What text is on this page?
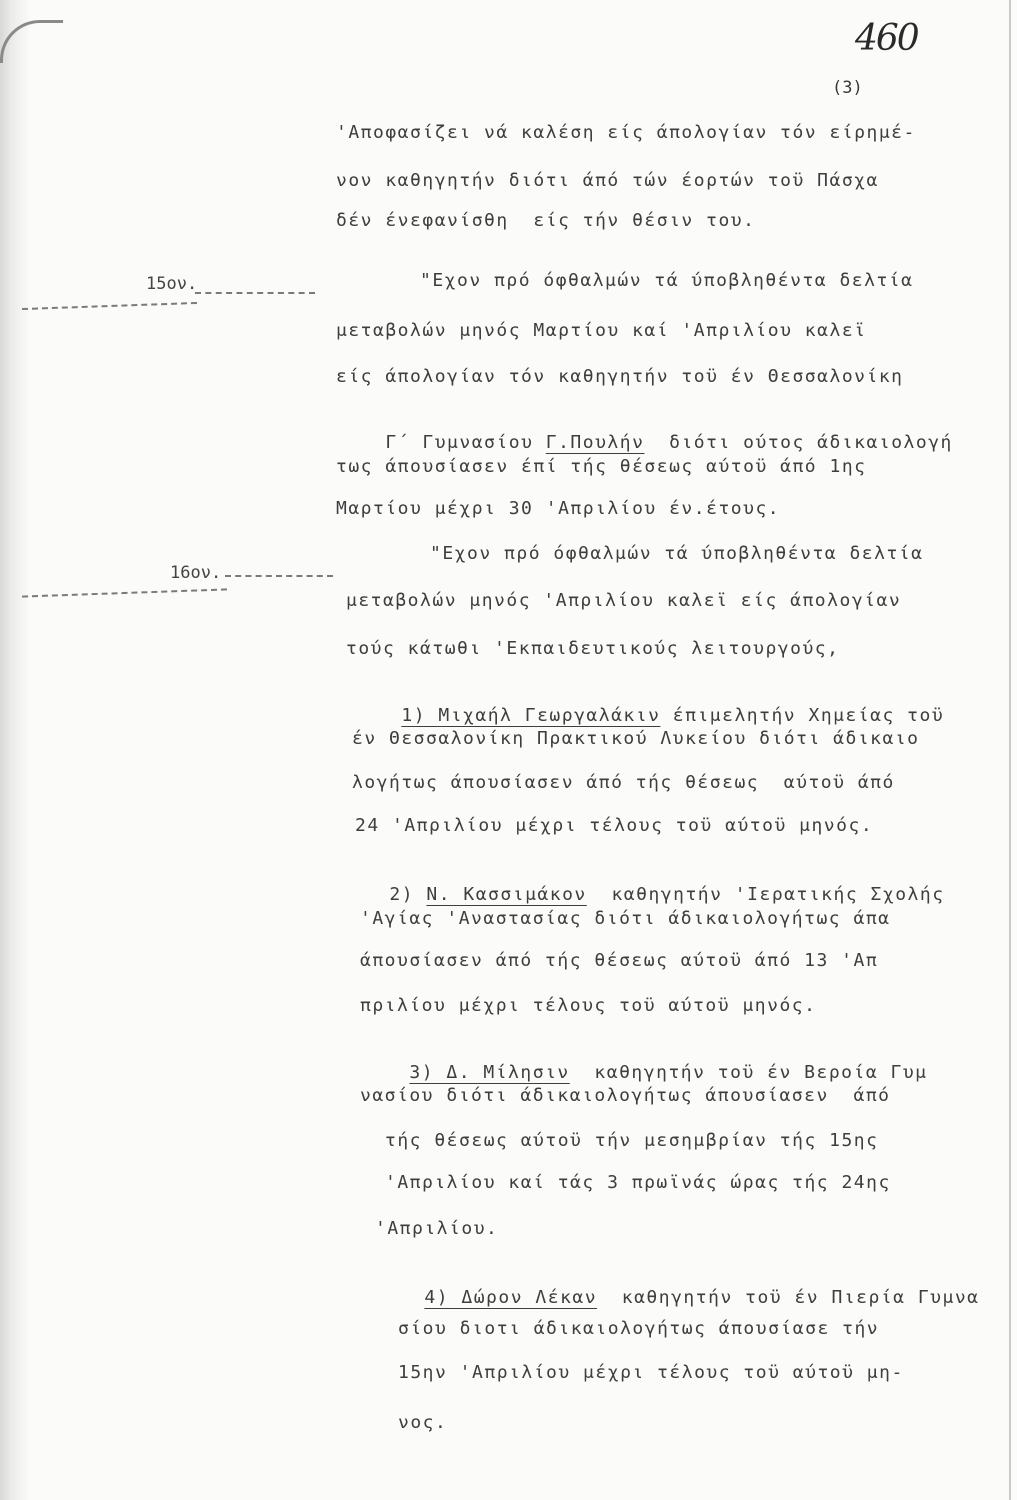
460
(3)
'Αποφασίζει νά καλέση είς άπολογίαν τόν είρημέ-
νον καθηγητήν διότι άπό τών έορτών τοϋ Πάσχα
δέν ένεφανίσθη  είς τήν θέσιν του.
15ον.	"Εχον πρό όφθαλμών τά ύποβληθέντα δελτία
μεταβολών μηνός Μαρτίου καί 'Απριλίου καλεϊ
είς άπολογίαν τόν καθηγητήν τοϋ έν Θεσσαλονίκη

Γ΄ Γυμνασίου Γ.Πουλήν  διότι ούτος άδικαιολογή

τως άπουσίασεν έπί τής θέσεως αύτοϋ άπό 1ης
Μαρτίου μέχρι 30 'Απριλίου έν.έτους.
16ον.
"Εχον πρό όφθαλμών τά ύποβληθέντα δελτία
μεταβολών μηνός 'Απριλίου καλεϊ είς άπολογίαν
τούς κάτωθι 'Εκπαιδευτικούς λειτουργούς,

1) Μιχαήλ Γεωργαλάκιν έπιμελητήν Χημείας τοϋ

έν Θεσσαλονίκη Πρακτικού Λυκείου διότι άδικαιο
λογήτως άπουσίασεν άπό τής θέσεως  αύτοϋ άπό
24 'Απριλίου μέχρι τέλους τοϋ αύτοϋ μηνός.

2) Ν. Κασσιμάκον  καθηγητήν 'Ιερατικής Σχολής

'Αγίας 'Αναστασίας διότι άδικαιολογήτως άπα
άπουσίασεν άπό τής θέσεως αύτοϋ άπό 13 'Απ
πριλίου μέχρι τέλους τοϋ αύτοϋ μηνός.

3) Δ. Μίλησιν  καθηγητήν τοϋ έν Βεροία Γυμ

νασίου διότι άδικαιολογήτως άπουσίασεν  άπό
τής θέσεως αύτοϋ τήν μεσημβρίαν τής 15ης
'Απριλίου καί τάς 3 πρωϊνάς ώρας τής 24ης
'Απριλίου.

4) Δώρον Λέκαν  καθηγητήν τοϋ έν Πιερία Γυμνα

σίου διοτι άδικαιολογήτως άπουσίασε τήν
15ην 'Απριλίου μέχρι τέλους τοϋ αύτοϋ μη-
νος.
